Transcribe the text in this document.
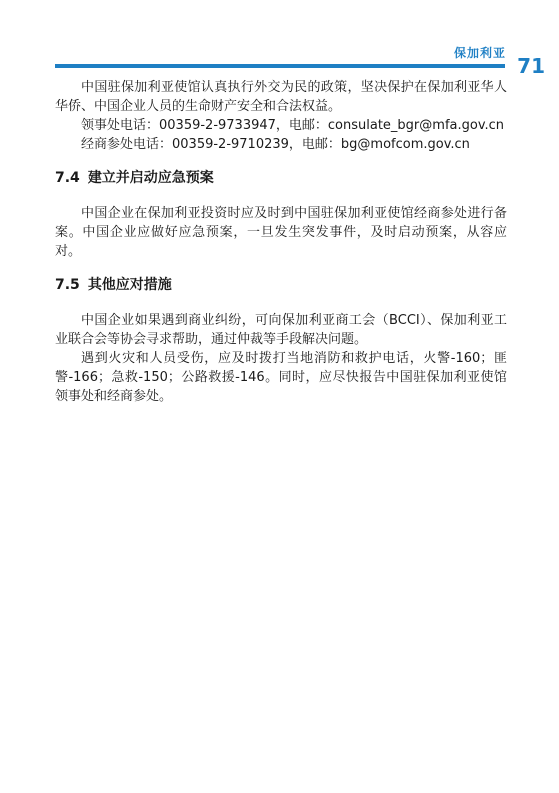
保加利亚
71

中国驻保加利亚使馆认真执行外交为民的政策，坚决保护在保加利亚华人华侨、中国企业人员的生命财产安全和合法权益。

领事处电话：00359-2-9733947，电邮：consulate_bgr@mfa.gov.cn

经商参处电话：00359-2-9710239，电邮：bg@mofcom.gov.cn

7.4 建立并启动应急预案

中国企业在保加利亚投资时应及时到中国驻保加利亚使馆经商参处进行备案。中国企业应做好应急预案，一旦发生突发事件，及时启动预案，从容应对。

7.5 其他应对措施

中国企业如果遇到商业纠纷，可向保加利亚商工会（BCCI）、保加利亚工业联合会等协会寻求帮助，通过仲裁等手段解决问题。

遇到火灾和人员受伤，应及时拨打当地消防和救护电话，火警-160；匪警-166；急救-150；公路救援-146。同时，应尽快报告中国驻保加利亚使馆领事处和经商参处。
